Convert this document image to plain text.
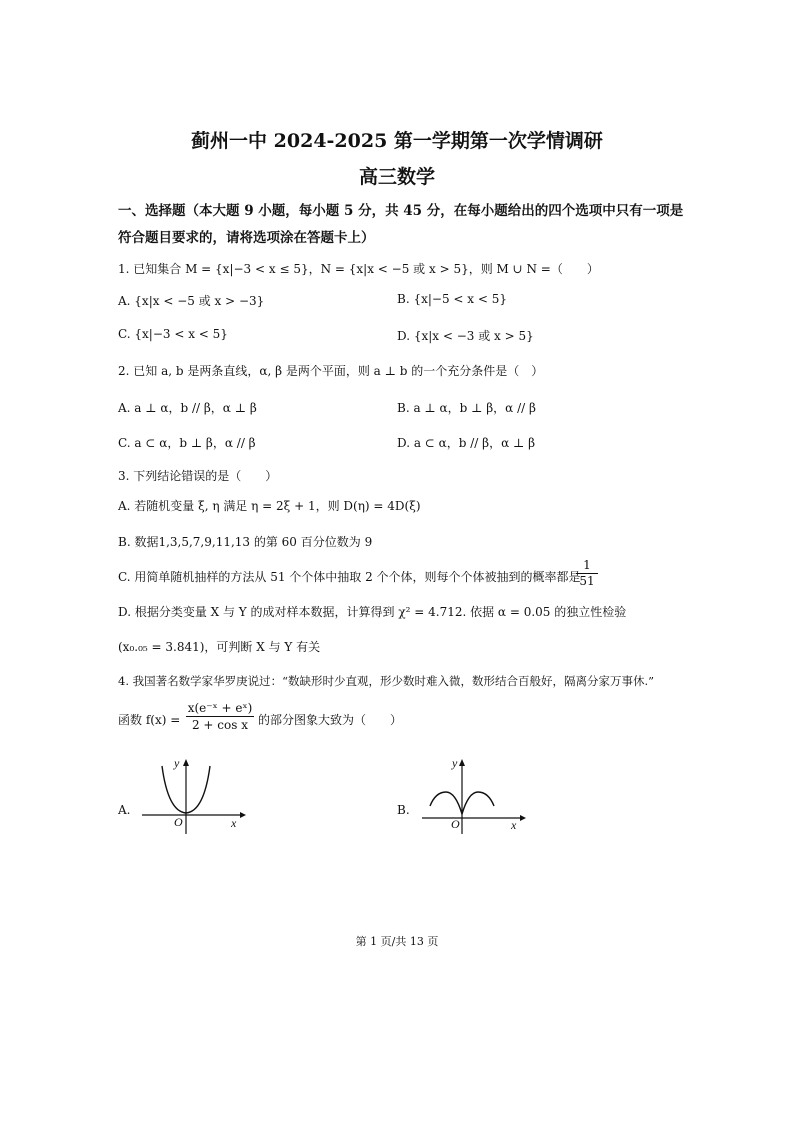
蓟州一中 2024-2025 第一学期第一次学情调研
高三数学
一、选择题（本大题 9 小题，每小题 5 分，共 45 分，在每小题给出的四个选项中只有一项是
符合题目要求的，请将选项涂在答题卡上）
1. 已知集合 M = {x|−3 < x ≤ 5}，N = {x|x < −5 或 x > 5}，则 M ∪ N =（　　）
A. {x|x < −5 或 x > −3}	B. {x|−5 < x < 5}
C. {x|−3 < x < 5}	D. {x|x < −3 或 x > 5}
2. 已知 a, b 是两条直线，α, β 是两个平面，则 a ⊥ b 的一个充分条件是（　）
A. a ⊥ α，b // β，α ⊥ β	B. a ⊥ α，b ⊥ β，α // β
C. a ⊂ α，b ⊥ β，α // β	D. a ⊂ α，b // β，α ⊥ β
3. 下列结论错误的是（　　）
A. 若随机变量 ξ, η 满足 η = 2ξ + 1，则 D(η) = 4D(ξ)
B. 数据1,3,5,7,9,11,13 的第 60 百分位数为 9
C. 用简单随机抽样的方法从 51 个个体中抽取 2 个个体，则每个个体被抽到的概率都是
1
51
D. 根据分类变量 X 与 Y 的成对样本数据，计算得到 χ² = 4.712. 依据 α = 0.05 的独立性检验
(x₀.₀₅ = 3.841)，可判断 X 与 Y 有关
4. 我国著名数学家华罗庚说过：“数缺形时少直观，形少数时难入微，数形结合百般好，隔离分家万事休.”
函数 f(x) =
x(e⁻ˣ + eˣ)
2 + cos x 的部分图象大致为（　　）
A.
y
x
O
B.
y
x
O
第 1 页/共 13 页
